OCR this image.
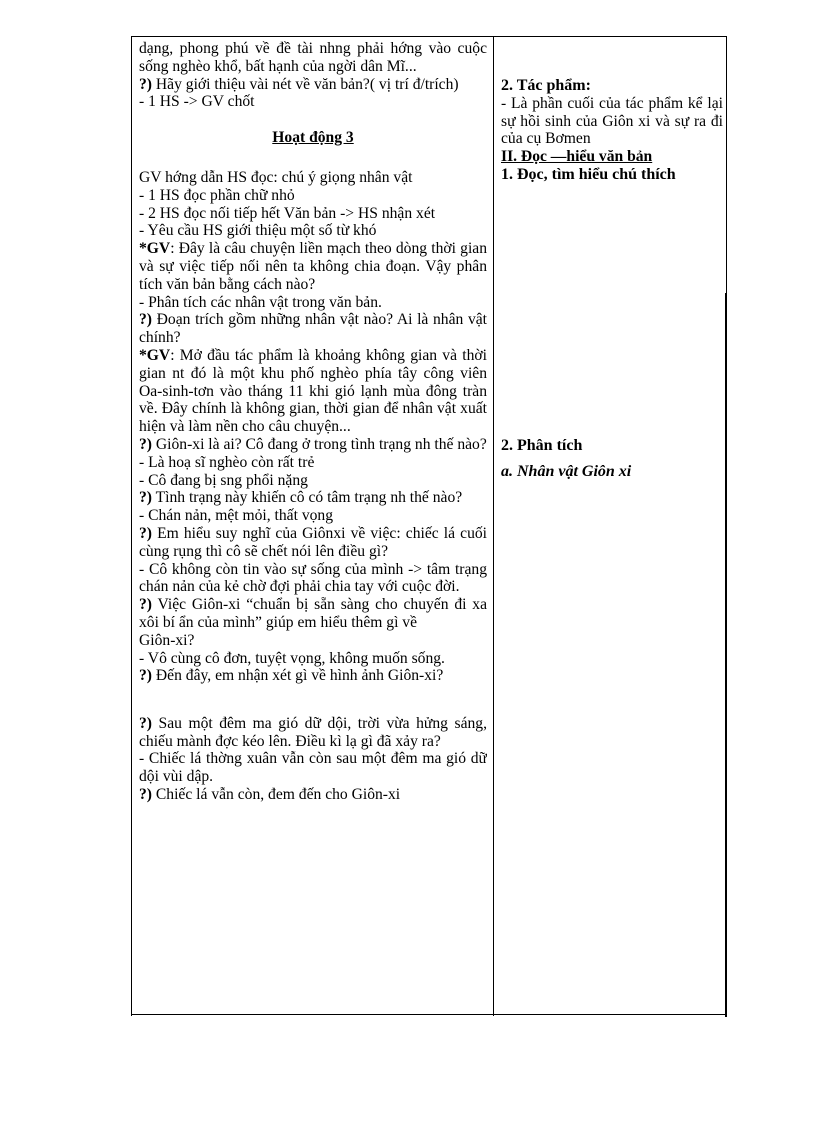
dạng, phong phú về đề tài nhng phải hớng vào cuộc sống nghèo khổ, bất hạnh của ngời dân Mĩ...

?) Hãy giới thiệu vài nét về văn bản?( vị trí đ/trích)

- 1 HS -> GV chốt

Hoạt động 3

GV hớng dẫn HS đọc: chú ý giọng nhân vật

- 1 HS đọc phần chữ nhỏ

- 2 HS đọc nối tiếp hết Văn bản -> HS nhận xét

- Yêu cầu HS giới thiệu một số từ khó

*GV: Đây là câu chuyện liền mạch theo dòng thời gian và sự việc tiếp nối nên ta không chia đoạn. Vậy phân tích văn bản bằng cách nào?

- Phân tích các nhân vật trong văn bản.

?) Đoạn trích gồm những nhân vật nào? Ai là nhân vật chính?

*GV: Mở đầu tác phẩm là khoảng không gian và thời gian nt đó là một khu phố nghèo phía tây công viên Oa-sinh-tơn vào tháng 11 khi gió lạnh mùa đông tràn về. Đây chính là không gian, thời gian để nhân vật xuất hiện và làm nền cho câu chuyện...

?) Giôn-xi là ai? Cô đang ở trong tình trạng nh thế nào?

- Là hoạ sĩ nghèo còn rất trẻ

- Cô đang bị sng phổi nặng

?) Tình trạng này khiến cô có tâm trạng nh thế nào?

- Chán nản, mệt mỏi, thất vọng

?) Em hiểu suy nghĩ của Giônxi về việc: chiếc lá cuối cùng rụng thì cô sẽ chết nói lên điều gì?

- Cô không còn tin vào sự sống của mình -> tâm trạng chán nản của kẻ chờ đợi phải chia tay với cuộc đời.

?) Việc Giôn-xi “chuẩn bị sẵn sàng cho chuyến đi xa xôi bí ẩn của mình” giúp em hiểu thêm gì về

Giôn-xi?

- Vô cùng cô đơn, tuyệt vọng, không muốn sống.

?) Đến đây, em nhận xét gì về hình ảnh Giôn-xi?

?) Sau một đêm ma gió dữ dội, trời vừa hửng sáng, chiếu mành đợc kéo lên. Điều kì lạ gì đã xảy ra?

- Chiếc lá thờng xuân vẫn còn sau một đêm ma gió dữ dội vùi dập.

?) Chiếc lá vẫn còn, đem đến cho Giôn-xi

2. Tác phẩm:

- Là phần cuối của tác phẩm kể lại sự hồi sinh của Giôn xi và sự ra đi của cụ Bơmen

II. Đọc —hiểu văn bản

1. Đọc, tìm hiểu chú thích

2. Phân tích

a. Nhân vật Giôn xi
